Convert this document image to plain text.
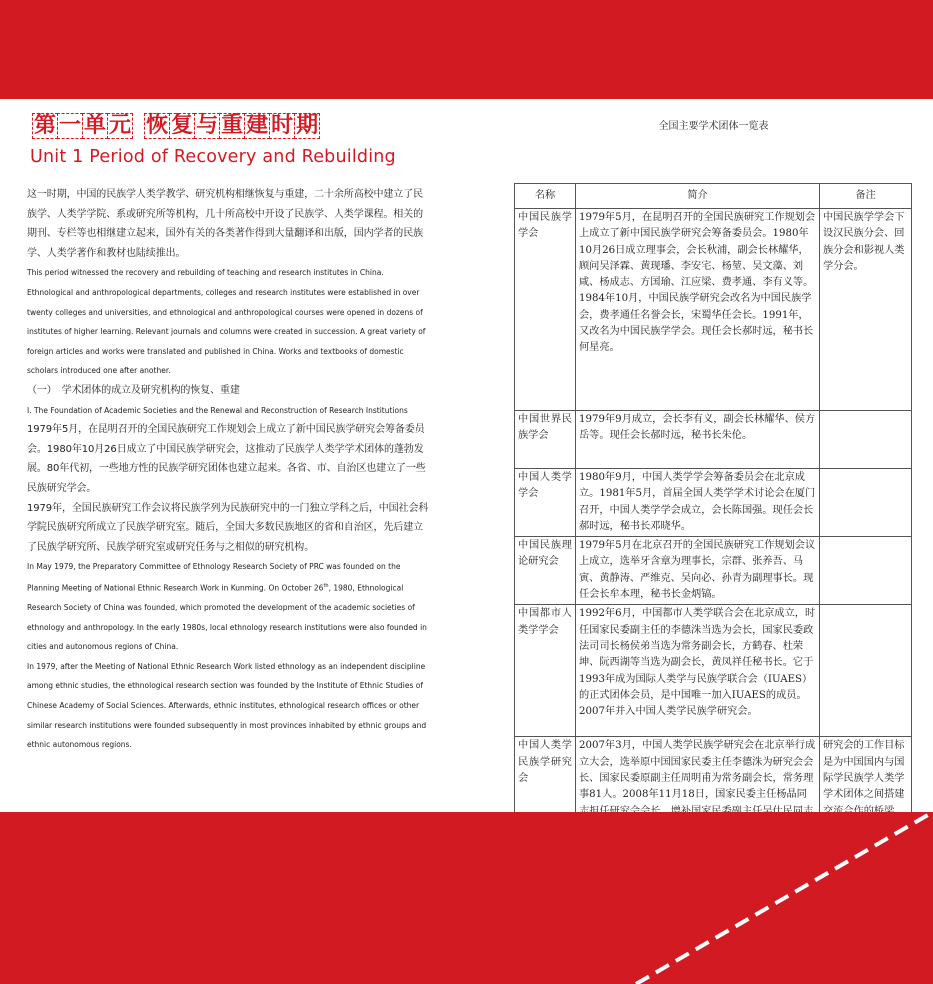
第 一 单 元 恢 复 与 重 建 时 期
Unit 1 Period of Recovery and Rebuilding

这一时期，中国的民族学人类学教学、研究机构相继恢复与重建，二十余所高校中建立了民族学、人类学学院、系或研究所等机构，几十所高校中开设了民族学、人类学课程。相关的期刊、专栏等也相继建立起来，国外有关的各类著作得到大量翻译和出版，国内学者的民族学、人类学著作和教材也陆续推出。

This period witnessed the recovery and rebuilding of teaching and research institutes in China. Ethnological and anthropological departments, colleges and research institutes were established in over twenty colleges and universities, and ethnological and anthropological courses were opened in dozens of institutes of higher learning. Relevant journals and columns were created in succession. A great variety of foreign articles and works were translated and published in China. Works and textbooks of domestic scholars introduced one after another.

（一）　学术团体的成立及研究机构的恢复、重建

I. The Foundation of Academic Societies and the Renewal and Reconstruction of Research Institutions

1979年5月，在昆明召开的全国民族研究工作规划会上成立了新中国民族学研究会筹备委员会。1980年10月26日成立了中国民族学研究会，这推动了民族学人类学学术团体的蓬勃发展。80年代初，一些地方性的民族学研究团体也建立起来。各省、市、自治区也建立了一些民族研究学会。

1979年，全国民族研究工作会议将民族学列为民族研究中的一门独立学科之后，中国社会科学院民族研究所成立了民族学研究室。随后，全国大多数民族地区的省和自治区，先后建立了民族学研究所、民族学研究室或研究任务与之相似的研究机构。

In May 1979, the Preparatory Committee of Ethnology Research Society of PRC was founded on the Planning Meeting of National Ethnic Research Work in Kunming. On October 26th, 1980, Ethnological Research Society of China was founded, which promoted the development of the academic societies of ethnology and anthropology. In the early 1980s, local ethnology research institutions were also founded in cities and autonomous regions of China.

In 1979, after the Meeting of National Ethnic Research Work listed ethnology as an independent discipline among ethnic studies, the ethnological research section was founded by the Institute of Ethnic Studies of Chinese Academy of Social Sciences. Afterwards, ethnic institutes, ethnological research offices or other similar research institutions were founded subsequently in most provinces inhabited by ethnic groups and ethnic autonomous regions.

全国主要学术团体一览表
名称	简介	备注
中国民族学学会	1979年5月，在昆明召开的全国民族研究工作规划会上成立了新中国民族学研究会筹备委员会。1980年10月26日成立理事会，会长秋浦，副会长林耀华，顾问吴泽霖、黄现璠、李安宅、杨堃、吴文藻、刘咸、杨成志、方国瑜、江应梁、费孝通、李有义等。1984年10月，中国民族学研究会改名为中国民族学会，费孝通任名誉会长，宋蜀华任会长。1991年，又改名为中国民族学学会。现任会长郝时远，秘书长何星亮。	中国民族学学会下设汉民族分会、回族分会和影视人类学分会。
中国世界民族学会	1979年9月成立，会长李有义，副会长林耀华、侯方岳等。现任会长郝时远，秘书长朱伦。	
中国人类学学会	1980年9月，中国人类学学会筹备委员会在北京成立。1981年5月，首届全国人类学学术讨论会在厦门召开，中国人类学学会成立，会长陈国强。现任会长郝时远，秘书长邓晓华。	
中国民族理论研究会	1979年5月在北京召开的全国民族研究工作规划会议上成立，选举牙含章为理事长，宗群、张养吾、马寅、黄静涛、严维克、吴向必、孙青为副理事长。现任会长牟本理，秘书长金炳镐。	
中国都市人类学学会	1992年6月，中国都市人类学联合会在北京成立，时任国家民委副主任的李德洙当选为会长，国家民委政法司司长杨侯弟当选为常务副会长，方鹤春、杜荣坤、阮西湖等当选为副会长，黄凤祥任秘书长。它于1993年成为国际人类学与民族学联合会（IUAES）的正式团体会员，是中国唯一加入IUAES的成员。2007年并入中国人类学民族学研究会。	
中国人类学民族学研究会	2007年3月，中国人类学民族学研究会在北京举行成立大会，选举原中国国家民委主任李德洙为研究会会长、国家民委原副主任周明甫为常务副会长，常务理事81人。2008年11月18日，国家民委主任杨晶同	研究会的工作目标是为中国国内与国际学民族学人类学学术团体之间搭建
